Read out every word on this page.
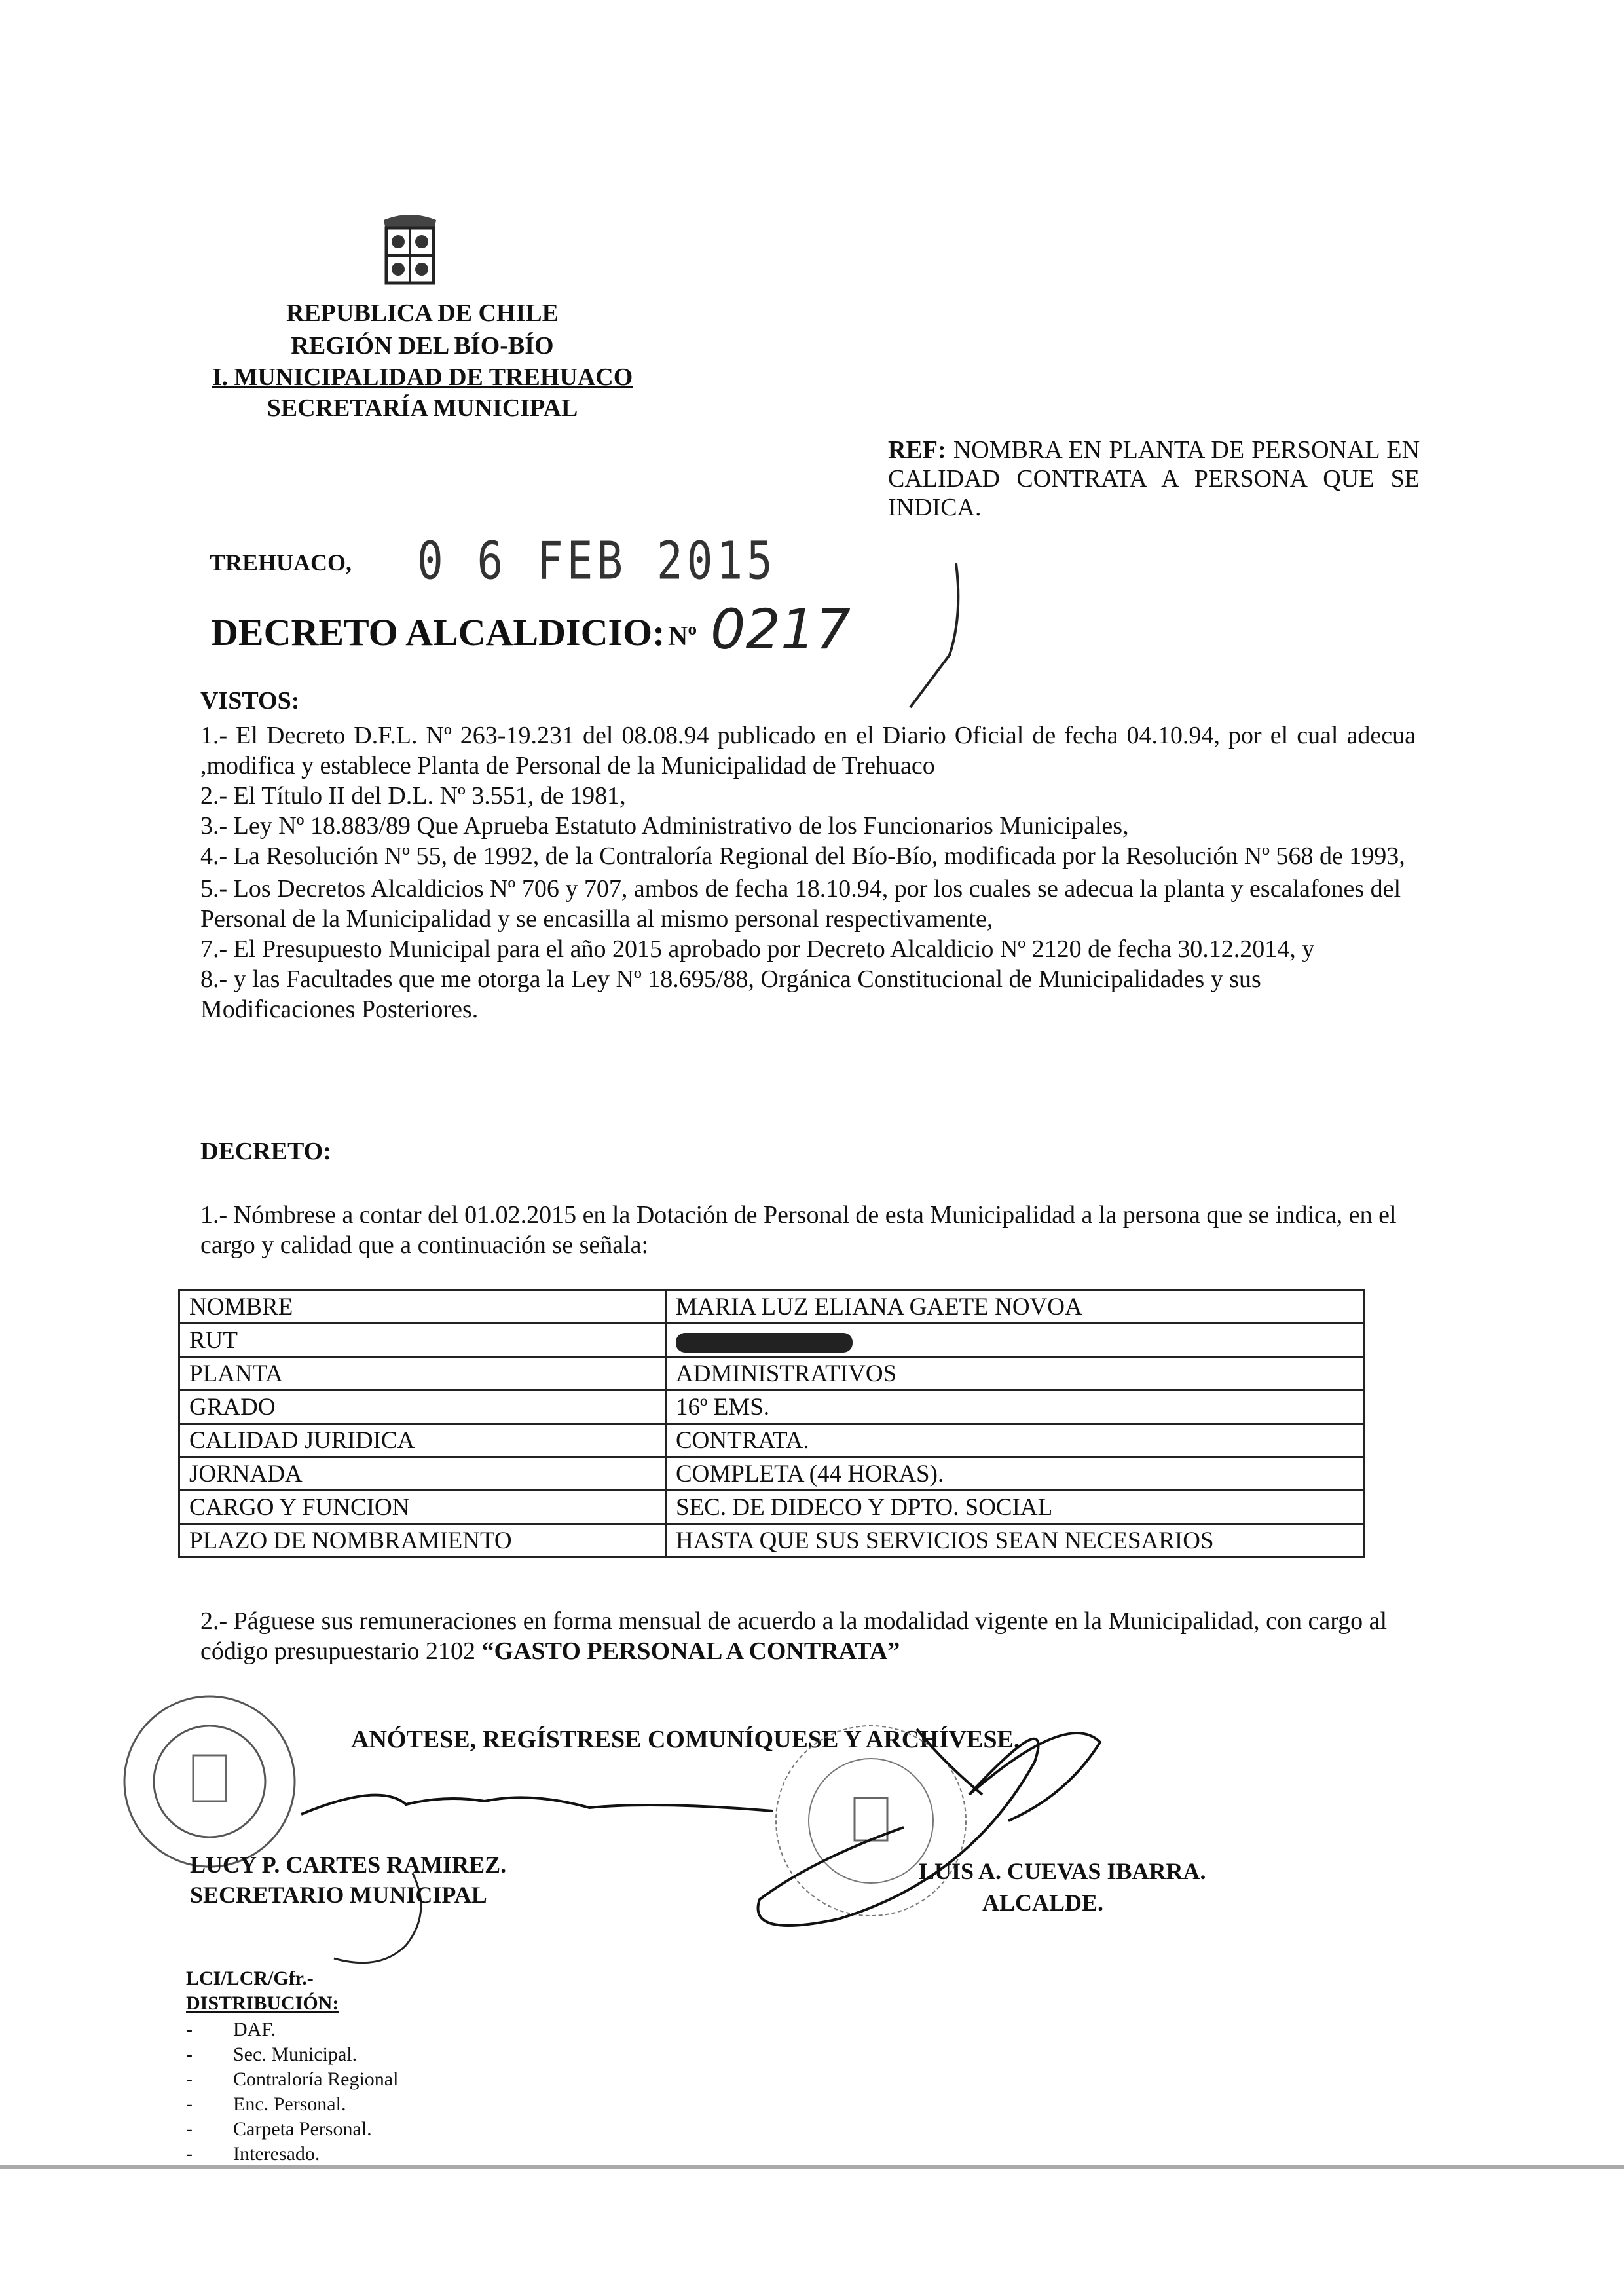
REPUBLICA DE CHILE
REGIÓN DEL BÍO-BÍO
I. MUNICIPALIDAD DE TREHUACO
SECRETARÍA MUNICIPAL
REF: NOMBRA EN PLANTA DE PERSONAL EN CALIDAD CONTRATA A PERSONA QUE SE INDICA.
TREHUACO, 0 6 FEB 2015
DECRETO ALCALDICIO: Nº 0217
VISTOS:
1.- El Decreto D.F.L. Nº 263-19.231 del 08.08.94 publicado en el Diario Oficial de fecha 04.10.94, por el cual adecua ,modifica y establece Planta de Personal de la Municipalidad de Trehuaco
2.- El Título II del D.L. Nº 3.551, de 1981,
3.- Ley Nº 18.883/89 Que Aprueba Estatuto Administrativo de los Funcionarios Municipales,
4.- La Resolución Nº 55, de 1992, de la Contraloría Regional del Bío-Bío, modificada por la Resolución Nº 568 de 1993,
5.- Los Decretos Alcaldicios Nº 706 y 707, ambos de fecha 18.10.94, por los cuales se adecua la planta y escalafones del Personal de la Municipalidad y se encasilla al mismo personal respectivamente,
7.- El Presupuesto Municipal para el año 2015 aprobado por Decreto Alcaldicio Nº 2120 de fecha 30.12.2014, y
8.- y las Facultades que me otorga la Ley Nº 18.695/88, Orgánica Constitucional de Municipalidades y sus Modificaciones Posteriores.
DECRETO:
1.- Nómbrese a contar del 01.02.2015 en la Dotación de Personal de esta Municipalidad a la persona que se indica, en el cargo y calidad que a continuación se señala:
NOMBRE	MARIA LUZ ELIANA GAETE NOVOA
RUT	
PLANTA	ADMINISTRATIVOS
GRADO	16º EMS.
CALIDAD JURIDICA	CONTRATA.
JORNADA	COMPLETA (44 HORAS).
CARGO Y FUNCION	SEC. DE DIDECO Y DPTO. SOCIAL
PLAZO DE NOMBRAMIENTO	HASTA QUE SUS SERVICIOS SEAN NECESARIOS
2.- Páguese sus remuneraciones en forma mensual de acuerdo a la modalidad vigente en la Municipalidad, con cargo al código presupuestario 2102 “GASTO PERSONAL A CONTRATA”
ANÓTESE, REGÍSTRESE COMUNÍQUESE Y ARCHÍVESE.
LUCY P. CARTES RAMIREZ.
SECRETARIO MUNICIPAL
LUIS A. CUEVAS IBARRA.
ALCALDE.
LCI/LCR/Gfr.-
DISTRIBUCIÓN:
- DAF.
- Sec. Municipal.
- Contraloría Regional
- Enc. Personal.
- Carpeta Personal.
- Interesado.
